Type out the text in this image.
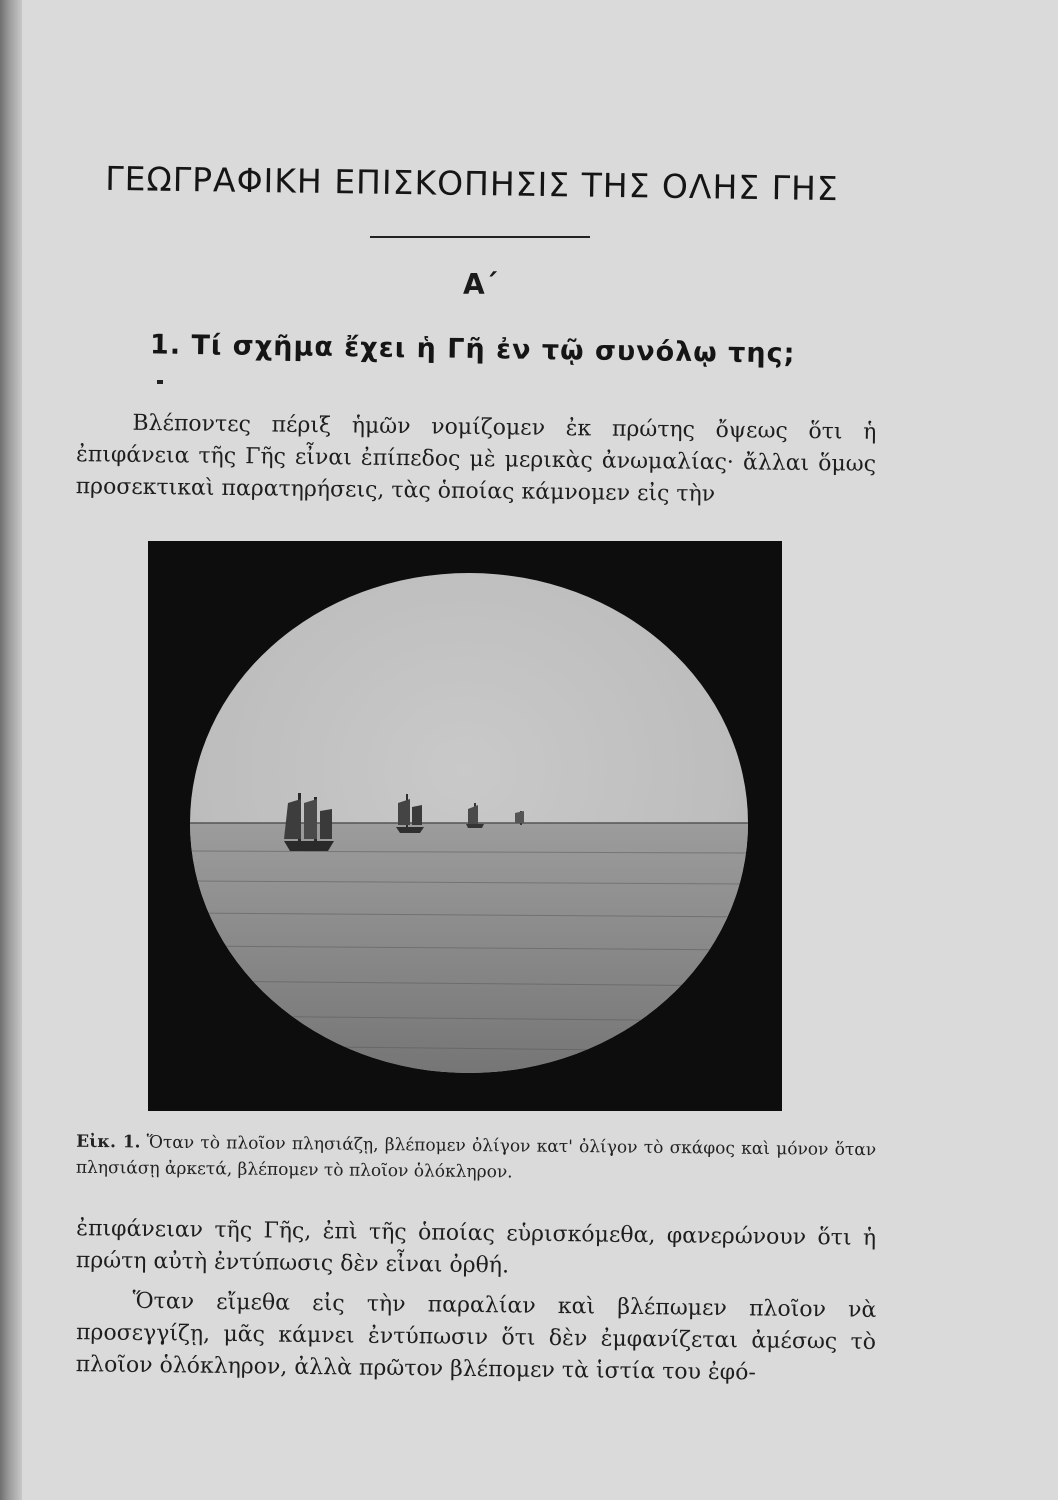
ΓΕΩΓΡΑΦΙΚΗ ΕΠΙΣΚΟΠΗΣΙΣ ΤΗΣ ΟΛΗΣ ΓΗΣ
Α΄
1. Τί σχῆμα ἔχει ἡ Γῆ ἐν τῷ συνόλῳ της;

Βλέποντες πέριξ ἡμῶν νομίζομεν ἐκ πρώτης ὄψεως ὅτι ἡ ἐπιφάνεια τῆς Γῆς εἶναι ἐπίπεδος μὲ μερικὰς ἀνωμαλίας· ἄλλαι ὅμως προσεκτικαὶ παρατηρήσεις, τὰς ὁποίας κάμνομεν εἰς τὴν

Εἰκ. 1. Ὅταν τὸ πλοῖον πλησιάζῃ, βλέπομεν ὀλίγον κατ' ὀλίγον τὸ σκάφος καὶ μόνον ὅταν πλησιάσῃ ἀρκετά, βλέπομεν τὸ πλοῖον ὁλόκληρον.

ἐπιφάνειαν τῆς Γῆς, ἐπὶ τῆς ὁποίας εὑρισκόμεθα, φανερώνουν ὅτι ἡ πρώτη αὐτὴ ἐντύπωσις δὲν εἶναι ὀρθή.

Ὅταν εἴμεθα εἰς τὴν παραλίαν καὶ βλέπωμεν πλοῖον νὰ προσεγγίζῃ, μᾶς κάμνει ἐντύπωσιν ὅτι δὲν ἐμφανίζεται ἀμέσως τὸ πλοῖον ὁλόκληρον, ἀλλὰ πρῶτον βλέπομεν τὰ ἱστία του ἐφό-
